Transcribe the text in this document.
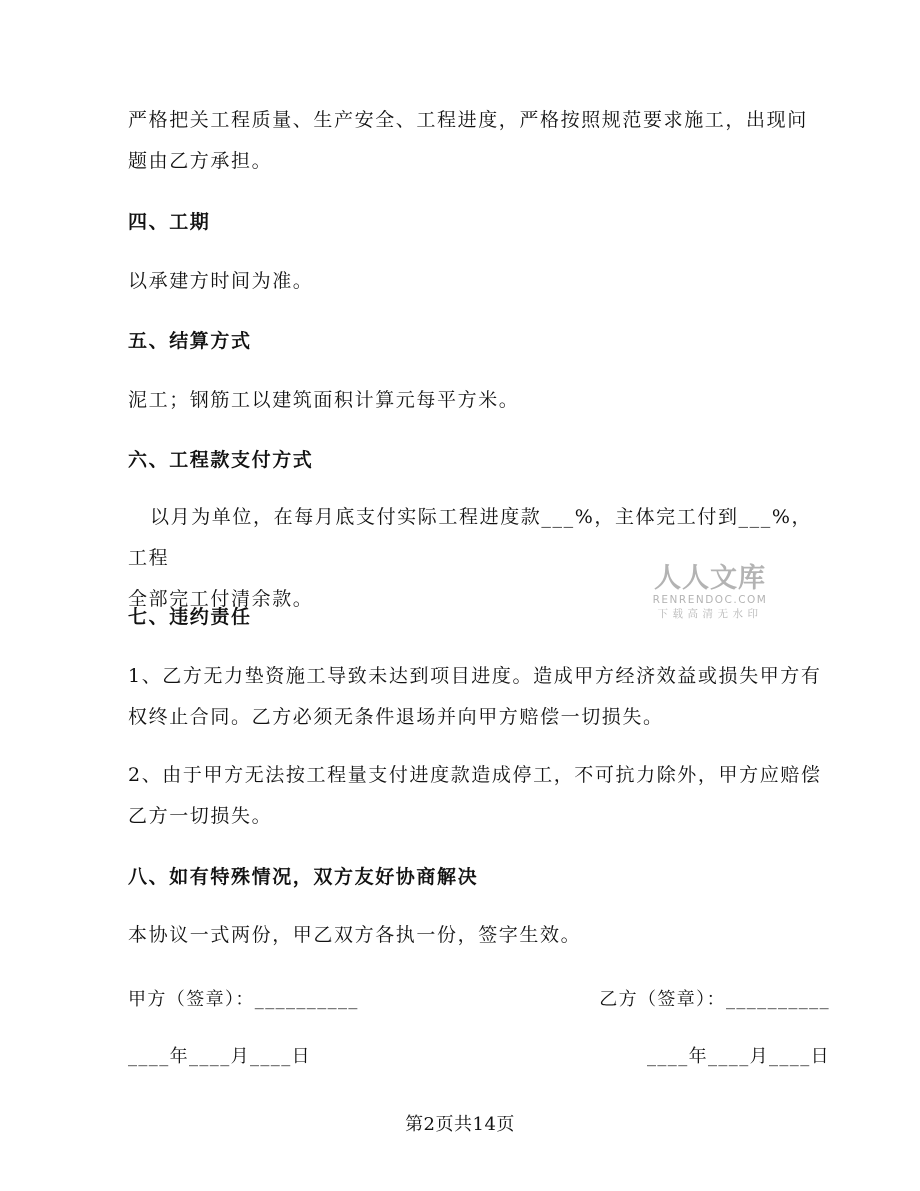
严格把关工程质量、生产安全、工程进度，严格按照规范要求施工，出现问
题由乙方承担。

四、工期

以承建方时间为准。

五、结算方式

泥工；钢筋工以建筑面积计算元每平方米。

六、工程款支付方式

以月为单位，在每月底支付实际工程进度款___%，主体完工付到___%，工程
全部完工付清余款。

七、违约责任

1、乙方无力垫资施工导致未达到项目进度。造成甲方经济效益或损失甲方有
权终止合同。乙方必须无条件退场并向甲方赔偿一切损失。

2、由于甲方无法按工程量支付进度款造成停工，不可抗力除外，甲方应赔偿
乙方一切损失。

八、如有特殊情况，双方友好协商解决

本协议一式两份，甲乙双方各执一份，签字生效。

甲方（签章）：__________	乙方（签章）：__________
____年____月____日	____年____月____日
人人文库
RENRENDOC.COM
下载高清无水印
第2页共14页
